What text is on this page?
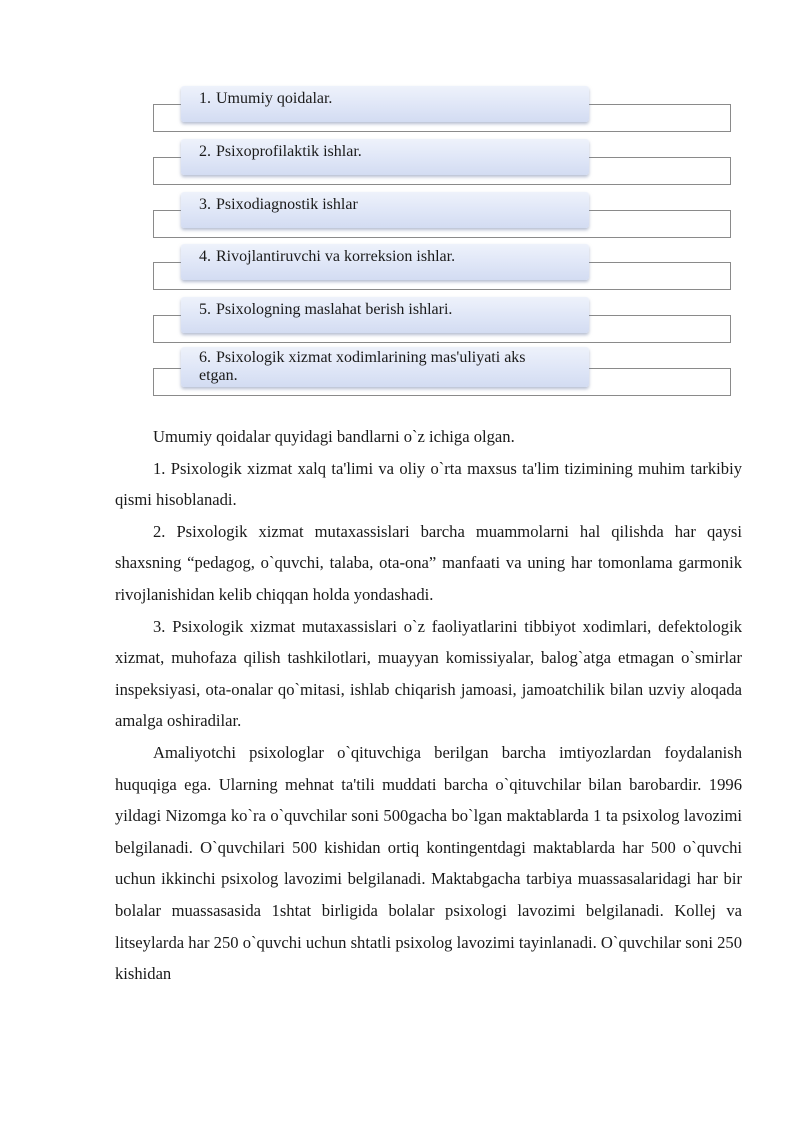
1. Umumiy qoidalar.
2. Psixoprofilaktik ishlar.
3. Psixodiagnostik ishlar
4. Rivojlantiruvchi va korreksion ishlar.
5. Psixologning maslahat berish ishlari.
6. Psixologik xizmat xodimlarining mas'uliyati aks etgan.

Umumiy qoidalar quyidagi bandlarni o`z ichiga olgan.

1. Psixologik xizmat xalq ta'limi va oliy o`rta maxsus ta'lim tizimining muhim tarkibiy qismi hisoblanadi.

2. Psixologik xizmat mutaxassislari barcha muammolarni hal qilishda har qaysi shaxsning “pedagog, o`quvchi, talaba, ota-ona” manfaati va uning har tomonlama garmonik rivojlanishidan kelib chiqqan holda yondashadi.

3. Psixologik xizmat mutaxassislari o`z faoliyatlarini tibbiyot xodimlari, defektologik xizmat, muhofaza qilish tashkilotlari, muayyan komissiyalar, balog`atga etmagan o`smirlar inspeksiyasi, ota-onalar qo`mitasi, ishlab chiqarish jamoasi, jamoatchilik bilan uzviy aloqada amalga oshiradilar.

Amaliyotchi psixologlar o`qituvchiga berilgan barcha imtiyozlardan foydalanish huquqiga ega. Ularning mehnat ta'tili muddati barcha o`qituvchilar bilan barobardir. 1996 yildagi Nizomga ko`ra o`quvchilar soni 500gacha bo`lgan maktablarda 1 ta psixolog lavozimi belgilanadi. O`quvchilari 500 kishidan ortiq kontingentdagi maktablarda har 500 o`quvchi uchun ikkinchi psixolog lavozimi belgilanadi. Maktabgacha tarbiya muassasalaridagi har bir bolalar muassasasida 1shtat birligida bolalar psixologi lavozimi belgilanadi. Kollej va litseylarda har 250 o`quvchi uchun shtatli psixolog lavozimi tayinlanadi. O`quvchilar soni 250 kishidan
